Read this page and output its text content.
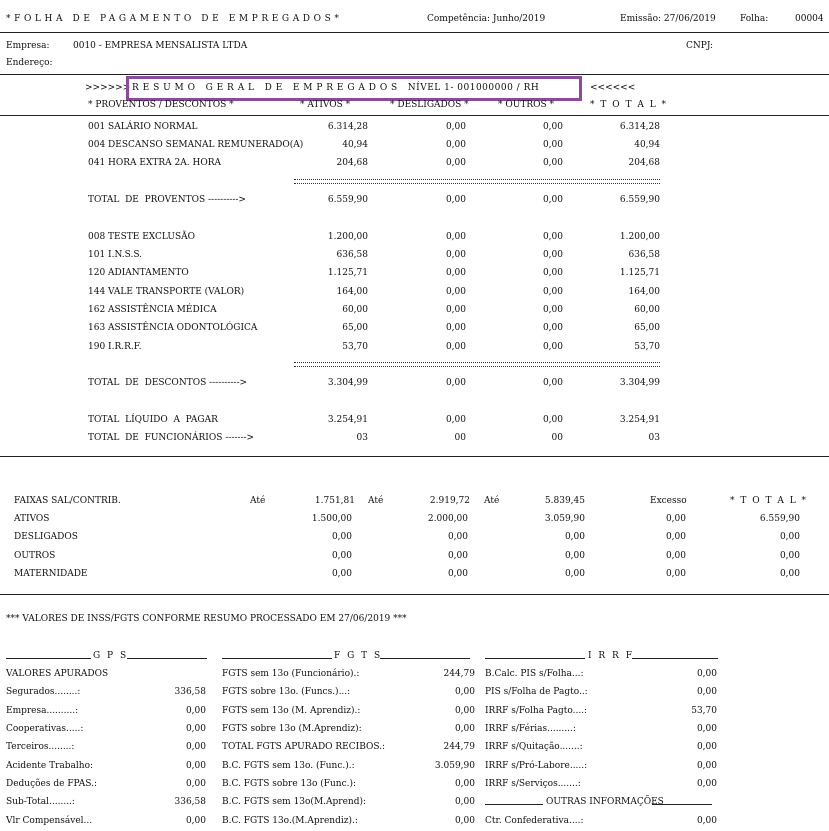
*FOLHA DE PAGAMENTO DE EMPREGADOS*	Competência: Junho/2019	Emissão: 27/06/2019	Folha:	00004
Empresa:	0010 - EMPRESA MENSALISTA LTDA	CNPJ:
Endereço:
>>>>>> R E S U M O   G E R A L   D E   E M P R E G A D O S   NÍVEL 1- 001000000 / RH	<<<<<<
* PROVENTOS / DESCONTOS *	* ATIVOS *	* DESLIGADOS *	* OUTROS *	* T O T A L *
001 SALÁRIO NORMAL	6.314,28	0,00	0,00	6.314,28
004 DESCANSO SEMANAL REMUNERADO(A)	40,94	0,00	0,00	40,94
041 HORA EXTRA 2A. HORA	204,68	0,00	0,00	204,68
TOTAL  DE  PROVENTOS ---------->	6.559,90	0,00	0,00	6.559,90
008 TESTE EXCLUSÃO	1.200,00	0,00	0,00	1.200,00
101 I.N.S.S.	636,58	0,00	0,00	636,58
120 ADIANTAMENTO	1.125,71	0,00	0,00	1.125,71
144 VALE TRANSPORTE (VALOR)	164,00	0,00	0,00	164,00
162 ASSISTÊNCIA MÉDICA	60,00	0,00	0,00	60,00
163 ASSISTÊNCIA ODONTOLÓGICA	65,00	0,00	0,00	65,00
190 I.R.R.F.	53,70	0,00	0,00	53,70
TOTAL  DE  DESCONTOS ---------->	3.304,99	0,00	0,00	3.304,99
TOTAL  LÍQUIDO  A  PAGAR	3.254,91	0,00	0,00	3.254,91
TOTAL  DE  FUNCIONÁRIOS ------->	03	00	00	03
FAIXAS SAL/CONTRIB.	Até	1.751,81 Até	2.919,72 Até	5.839,45	Excesso	* T O T A L *
ATIVOS	1.500,00	2.000,00	3.059,90	0,00	6.559,90
DESLIGADOS	0,00	0,00	0,00	0,00	0,00
OUTROS	0,00	0,00	0,00	0,00	0,00
MATERNIDADE	0,00	0,00	0,00	0,00	0,00
*** VALORES DE INSS/FGTS CONFORME RESUMO PROCESSADO EM 27/06/2019 ***
G P S	F G T S	I R R F
VALORES APURADOS	FGTS sem 13o (Funcionário).:	244,79 B.Calc. PIS s/Folha...:	0,00
Segurados........:	336,58 FGTS sobre 13o. (Funcs.)...:	0,00 PIS s/Folha de Pagto..:	0,00
Empresa..........:	0,00 FGTS sem 13o (M. Aprendiz).:	0,00 IRRF s/Folha Pagto....:	53,70
Cooperativas.....:	0,00 FGTS sobre 13o (M.Aprendiz):	0,00 IRRF s/Férias.........:	0,00
Terceiros........:	0,00 TOTAL FGTS APURADO RECIBOS.:	244,79 IRRF s/Quitação.......:	0,00
Acidente Trabalho:	0,00 B.C. FGTS sem 13o. (Func.).:	3.059,90 IRRF s/Pró-Labore.....:	0,00
Deduções de FPAS.:	0,00 B.C. FGTS sobre 13o (Func.):	0,00 IRRF s/Serviços.......:	0,00
Sub-Total........:	336,58 B.C. FGTS sem 13o(M.Aprend):	0,00	OUTRAS INFORMAÇÕES
Vlr Compensável...	0,00 B.C. FGTS 13o.(M.Aprendiz).:	0,00 Ctr. Confederativa....:	0,00
